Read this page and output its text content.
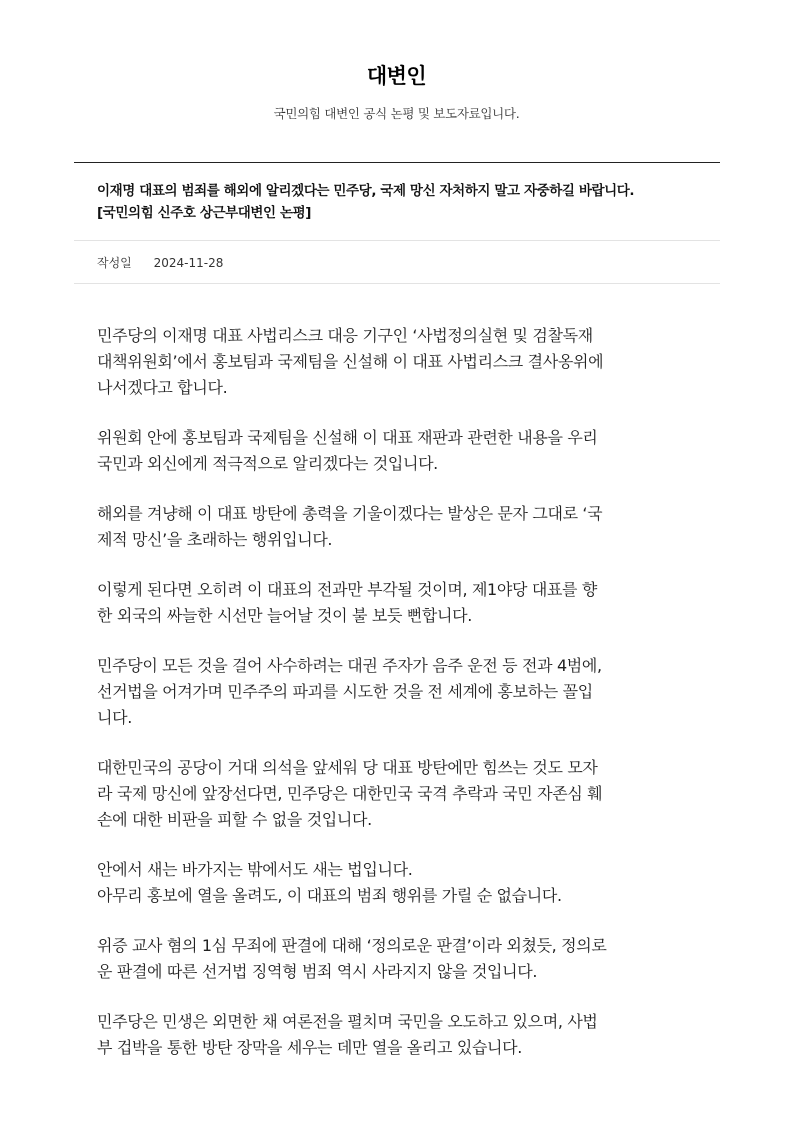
대변인
국민의힘 대변인 공식 논평 및 보도자료입니다.
이재명 대표의 범죄를 해외에 알리겠다는 민주당, 국제 망신 자처하지 말고 자중하길 바랍니다.
[국민의힘 신주호 상근부대변인 논평]
작성일 2024-11-28

민주당의 이재명 대표 사법리스크 대응 기구인 ‘사법정의실현 및 검찰독재
대책위원회’에서 홍보팀과 국제팀을 신설해 이 대표 사법리스크 결사옹위에
나서겠다고 합니다.

위원회 안에 홍보팀과 국제팀을 신설해 이 대표 재판과 관련한 내용을 우리
국민과 외신에게 적극적으로 알리겠다는 것입니다.

해외를 겨냥해 이 대표 방탄에 총력을 기울이겠다는 발상은 문자 그대로 ‘국
제적 망신’을 초래하는 행위입니다.

이렇게 된다면 오히려 이 대표의 전과만 부각될 것이며, 제1야당 대표를 향
한 외국의 싸늘한 시선만 늘어날 것이 불 보듯 뻔합니다.

민주당이 모든 것을 걸어 사수하려는 대권 주자가 음주 운전 등 전과 4범에,
선거법을 어겨가며 민주주의 파괴를 시도한 것을 전 세계에 홍보하는 꼴입
니다.

대한민국의 공당이 거대 의석을 앞세워 당 대표 방탄에만 힘쓰는 것도 모자
라 국제 망신에 앞장선다면, 민주당은 대한민국 국격 추락과 국민 자존심 훼
손에 대한 비판을 피할 수 없을 것입니다.

안에서 새는 바가지는 밖에서도 새는 법입니다.
아무리 홍보에 열을 올려도, 이 대표의 범죄 행위를 가릴 순 없습니다.

위증 교사 혐의 1심 무죄에 판결에 대해 ‘정의로운 판결’이라 외쳤듯, 정의로
운 판결에 따른 선거법 징역형 범죄 역시 사라지지 않을 것입니다.

민주당은 민생은 외면한 채 여론전을 펼치며 국민을 오도하고 있으며, 사법
부 겁박을 통한 방탄 장막을 세우는 데만 열을 올리고 있습니다.
